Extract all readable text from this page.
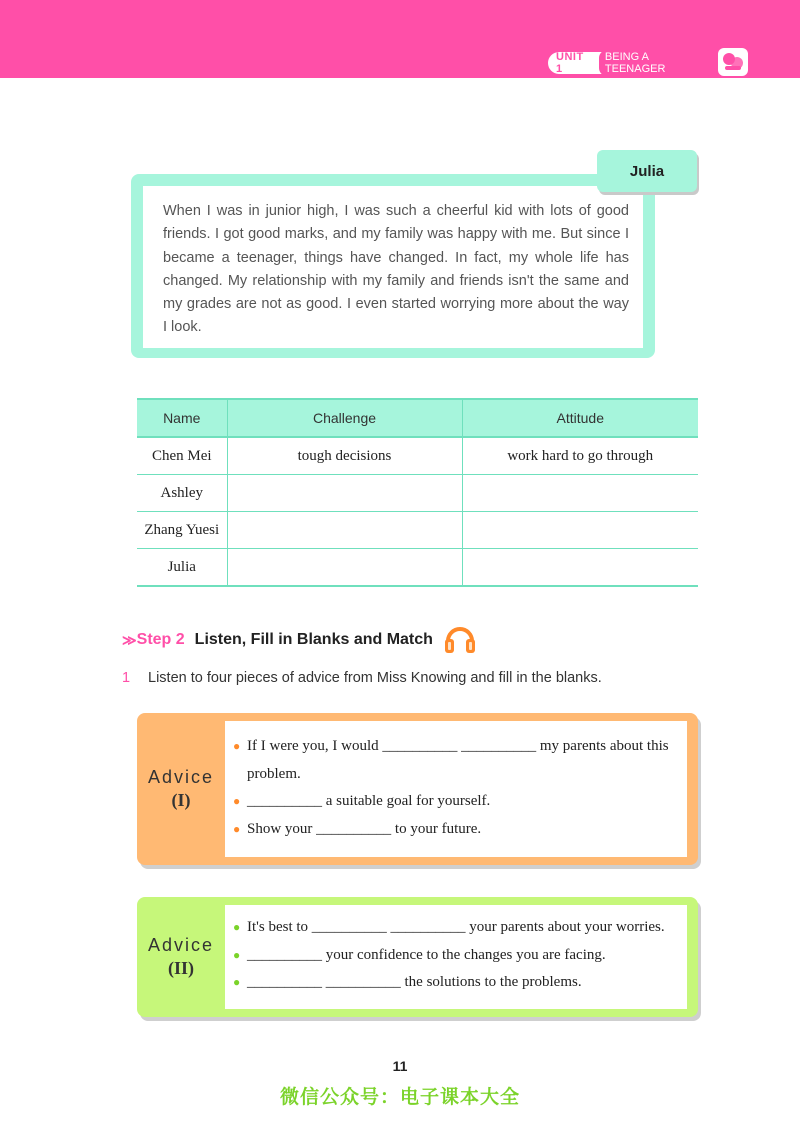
UNIT 1
BEING A TEENAGER
When I was in junior high, I was such a cheerful kid with lots of good friends. I got good marks, and my family was happy with me. But since I became a teenager, things have changed. In fact, my whole life has changed. My relationship with my family and friends isn't the same and my grades are not as good. I even started worrying more about the way I look.
Julia
Name	Challenge	Attitude
Chen Mei	tough decisions	work hard to go through
Ashley		
Zhang Yuesi		
Julia		
≫ Step 2 Listen, Fill in Blanks and Match
1	Listen to four pieces of advice from Miss Knowing and fill in the blanks.
Advice
(I)
● If I were you, I would __________ __________ my parents about this problem.
● __________ a suitable goal for yourself.
● Show your __________ to your future.
Advice
(II)
● It's best to __________ __________ your parents about your worries.
● __________ your confidence to the changes you are facing.
● __________ __________ the solutions to the problems.
11
微信公众号：电子课本大全
